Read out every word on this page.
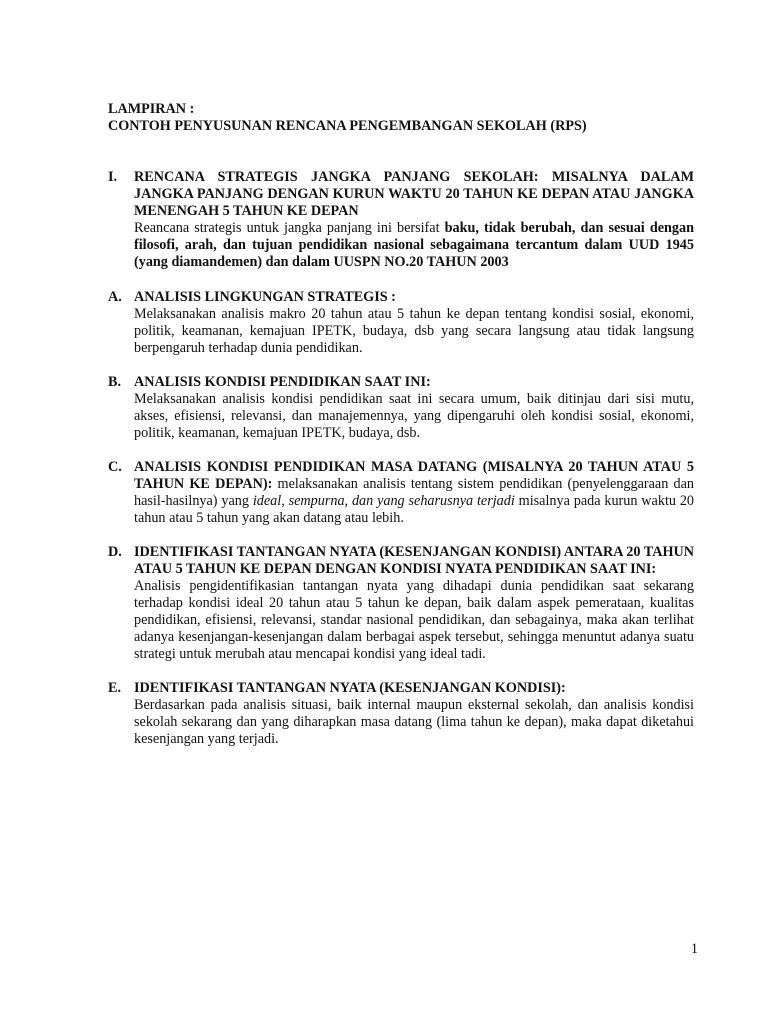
LAMPIRAN :
CONTOH PENYUSUNAN RENCANA PENGEMBANGAN SEKOLAH (RPS)
I.	RENCANA STRATEGIS JANGKA PANJANG SEKOLAH: MISALNYA DALAM JANGKA PANJANG DENGAN KURUN WAKTU 20 TAHUN KE DEPAN ATAU JANGKA MENENGAH 5 TAHUN KE DEPAN
Reancana strategis untuk jangka panjang ini bersifat baku, tidak berubah, dan sesuai dengan filosofi, arah, dan tujuan pendidikan nasional sebagaimana tercantum dalam UUD 1945 (yang diamandemen) dan dalam UUSPN NO.20 TAHUN 2003
A. ANALISIS LINGKUNGAN STRATEGIS :
Melaksanakan analisis makro 20 tahun atau 5 tahun ke depan tentang kondisi sosial, ekonomi, politik, keamanan, kemajuan IPETK, budaya, dsb yang secara langsung atau tidak langsung berpengaruh terhadap dunia pendidikan.
B. ANALISIS KONDISI PENDIDIKAN SAAT INI:
Melaksanakan analisis kondisi pendidikan saat ini secara umum, baik ditinjau dari sisi mutu, akses, efisiensi, relevansi, dan manajemennya, yang dipengaruhi oleh kondisi sosial, ekonomi, politik, keamanan, kemajuan IPETK, budaya, dsb.
C. ANALISIS KONDISI PENDIDIKAN MASA DATANG (MISALNYA 20 TAHUN ATAU 5 TAHUN KE DEPAN): melaksanakan analisis tentang sistem pendidikan (penyelenggaraan dan hasil-hasilnya) yang ideal, sempurna, dan yang seharusnya terjadi misalnya pada kurun waktu 20 tahun atau 5 tahun yang akan datang atau lebih.
D. IDENTIFIKASI TANTANGAN NYATA (KESENJANGAN KONDISI) ANTARA 20 TAHUN ATAU 5 TAHUN KE DEPAN DENGAN KONDISI NYATA PENDIDIKAN SAAT INI:
Analisis pengidentifikasian tantangan nyata yang dihadapi dunia pendidikan saat sekarang terhadap kondisi ideal 20 tahun atau 5 tahun ke depan, baik dalam aspek pemerataan, kualitas pendidikan, efisiensi, relevansi, standar nasional pendidikan, dan sebagainya, maka akan terlihat adanya kesenjangan-kesenjangan dalam berbagai aspek tersebut, sehingga menuntut adanya suatu strategi untuk merubah atau mencapai kondisi yang ideal tadi.
E. IDENTIFIKASI TANTANGAN NYATA (KESENJANGAN KONDISI):
Berdasarkan pada analisis situasi, baik internal maupun eksternal sekolah, dan analisis kondisi sekolah sekarang dan yang diharapkan masa datang (lima tahun ke depan), maka dapat diketahui kesenjangan yang terjadi.
1
